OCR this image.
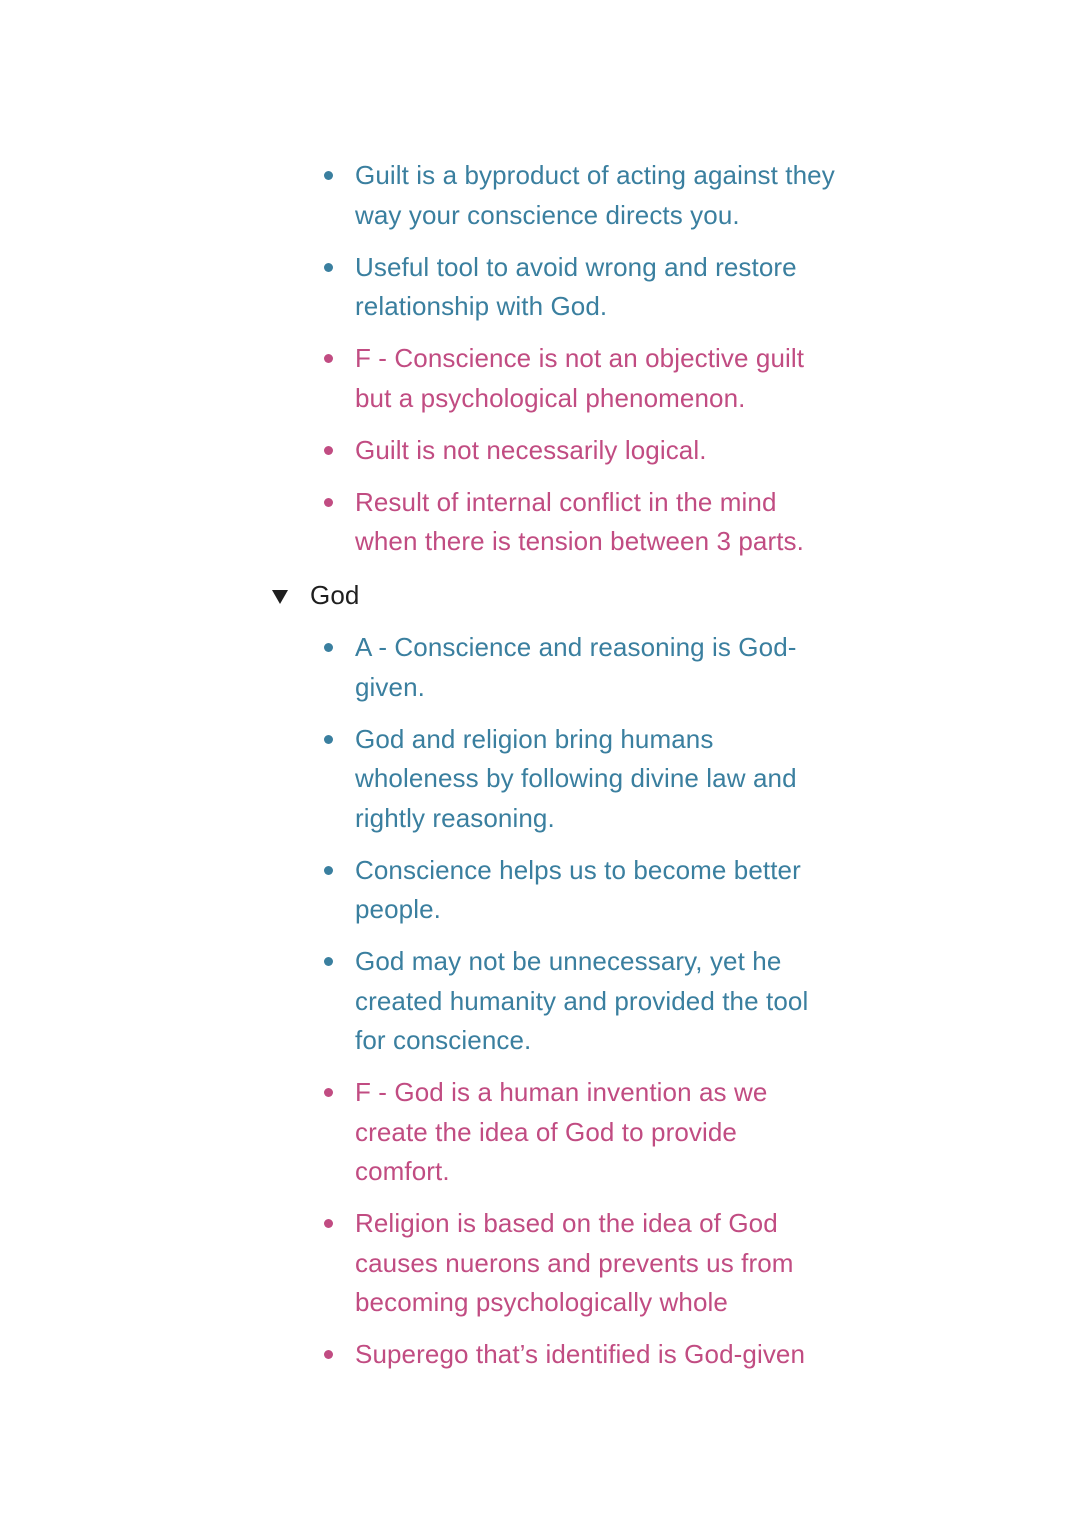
Guilt is a byproduct of acting against they way your conscience directs you.
Useful tool to avoid wrong and restore relationship with God.
F - Conscience is not an objective guilt but a psychological phenomenon.
Guilt is not necessarily logical.
Result of internal conflict in the mind when there is tension between 3 parts.
God
A - Conscience and reasoning is God-given.
God and religion bring humans wholeness by following divine law and rightly reasoning.
Conscience helps us to become better people.
God may not be unnecessary, yet he created humanity and provided the tool for conscience.
F - God is a human invention as we create the idea of God to provide comfort.
Religion is based on the idea of God causes nuerons and prevents us from becoming psychologically whole
Superego that’s identified is God-given
